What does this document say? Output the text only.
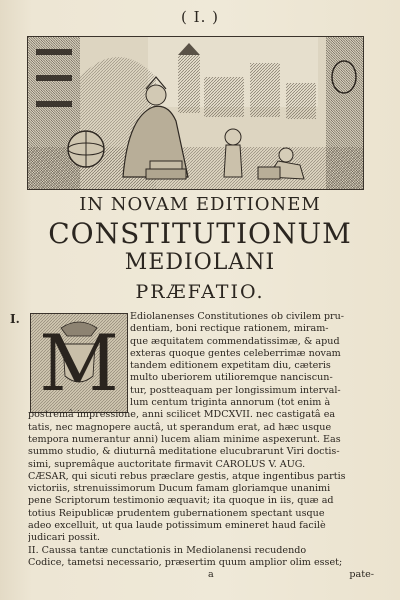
( I. )
IN NOVAM EDITIONEM
CONSTITUTIONUM
MEDIOLANI
PRÆFATIO.
I. M
Ediolanenses Constitutiones ob civilem pru-
dentiam, boni rectique rationem, miram-
que æquitatem commendatissimæ, & apud
exteras quoque gentes celeberrimæ novam
tandem editionem expetitam diu, cæteris
multo uberiorem utilioremque nanciscun-
tur, postteaquam per longissimum interval-
lum centum triginta annorum (tot enim à
postremâ impressione, anni scilicet MDCXVII. nec castigatâ ea
tatis, nec magnopere auctâ, ut sperandum erat, ad hæc usque
tempora numerantur anni) lucem aliam minime aspexerunt. Eas
summo studio, & diuturnâ meditatione elucubrarunt Viri doctis-
simi, supremâque auctoritate firmavit CAROLUS V. AUG.
CÆSAR, qui sicuti rebus præclare gestis, atque ingentibus partis
victoriis, strenuissimorum Ducum famam gloriamque unanimi
pene Scriptorum testimonio æquavit; ita quoque in iis, quæ ad
totius Reipublicæ prudentem gubernationem spectant usque
adeo excelluit, ut qua laude potissimum emineret haud facilè
judicari possit.
II. Caussa tantæ cunctationis in Mediolanensi recudendo
Codice, tametsi necessario, præsertim quum amplior olim esset;
a	pate-
